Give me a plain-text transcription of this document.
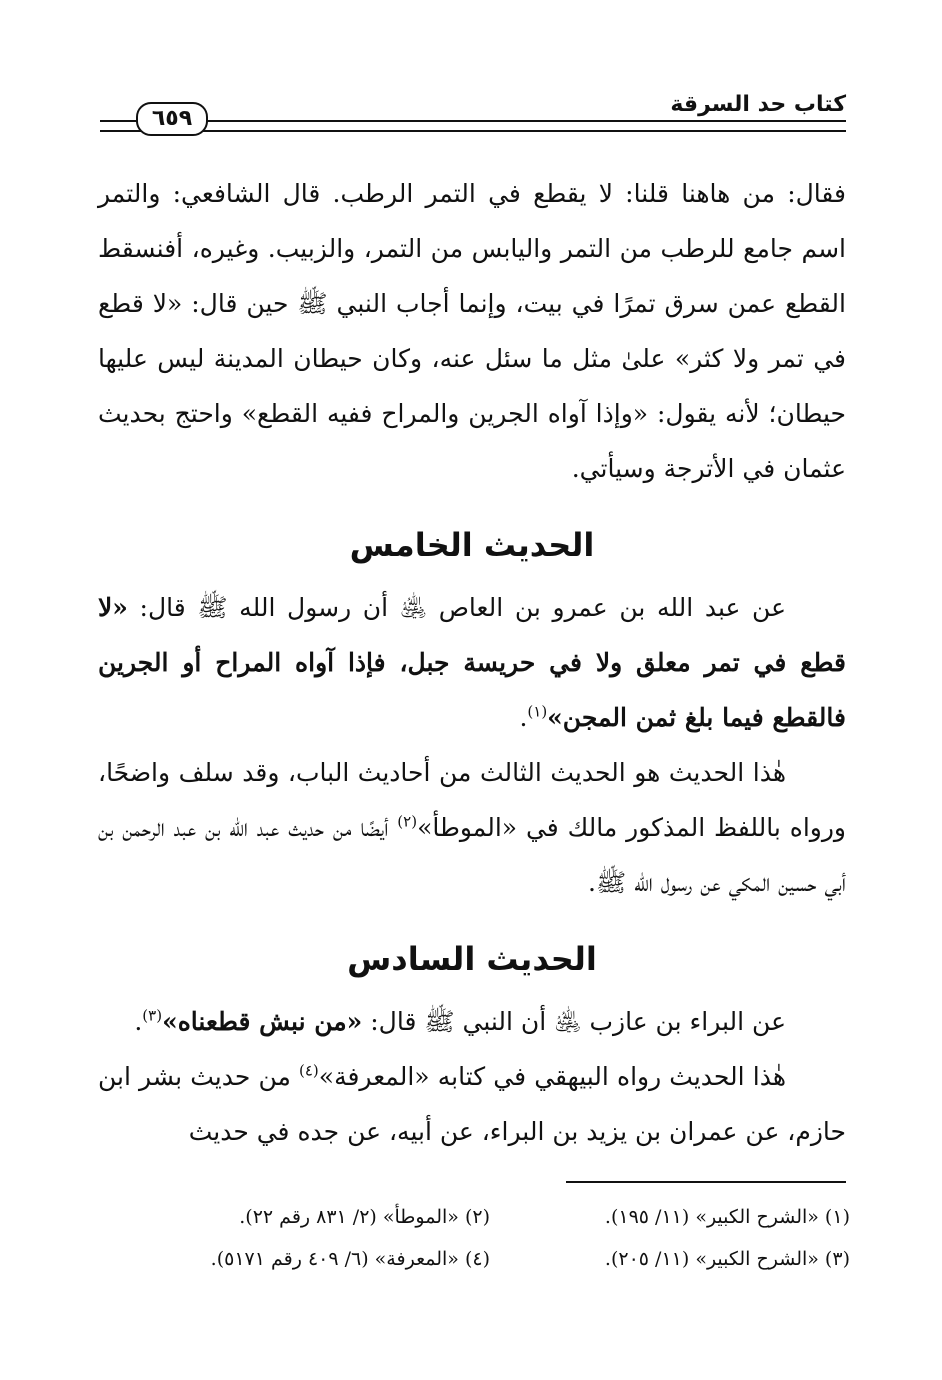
كتاب حد السرقة
٦٥٩

فقال: من هاهنا قلنا: لا يقطع في التمر الرطب. قال الشافعي: والتمر اسم جامع للرطب من التمر واليابس من التمر، والزبيب. وغيره، أفنسقط القطع عمن سرق تمرًا في بيت، وإنما أجاب النبي ﷺ حين قال: «لا قطع في تمر ولا كثر» علىٰ مثل ما سئل عنه، وكان حيطان المدينة ليس عليها حيطان؛ لأنه يقول: «وإذا آواه الجرين والمراح ففيه القطع» واحتج بحديث عثمان في الأترجة وسيأتي.

الحديث الخامس

عن عبد الله بن عمرو بن العاص ﵁ أن رسول الله ﷺ قال: «لا قطع في تمر معلق ولا في حريسة جبل، فإذا آواه المراح أو الجرين فالقطع فيما بلغ ثمن المجن»$^{(١)}$.

هٰذا الحديث هو الحديث الثالث من أحاديث الباب، وقد سلف واضحًا، ورواه باللفظ المذكور مالك في «الموطأ»$^{(٢)}$ أيضًا من حديث عبد الله بن عبد الرحمن بن أبي حسين المكي عن رسول الله ﷺ.

الحديث السادس

عن البراء بن عازب ﵁ أن النبي ﷺ قال: «من نبش قطعناه»$^{(٣)}$.

هٰذا الحديث رواه البيهقي في كتابه «المعرفة»$^{(٤)}$ من حديث بشر ابن حازم، عن عمران بن يزيد بن البراء، عن أبيه، عن جده في حديث

(١) «الشرح الكبير» (١١/ ١٩٥).
(٢) «الموطأ» (٢/ ٨٣١ رقم ٢٢).
(٣) «الشرح الكبير» (١١/ ٢٠٥).
(٤) «المعرفة» (٦/ ٤٠٩ رقم ٥١٧١).
